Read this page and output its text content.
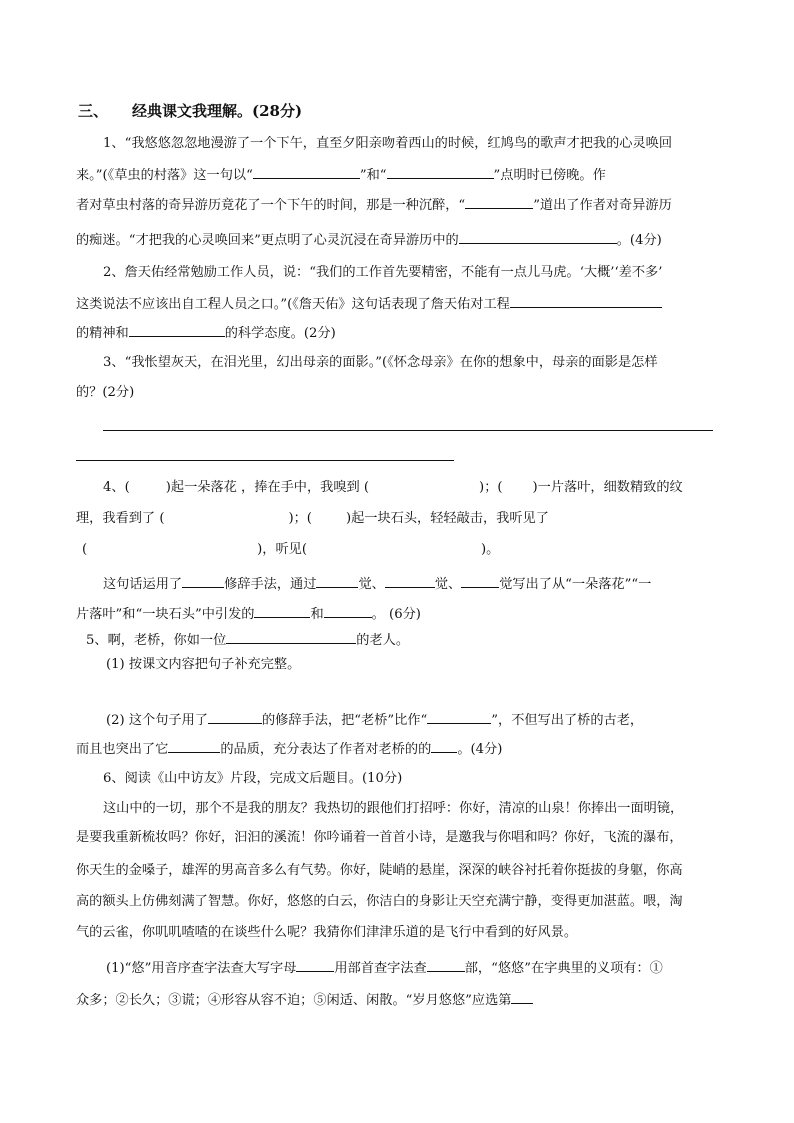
三、 经典课文我理解。(28分)
1、“我悠悠忽忽地漫游了一个下午，直至夕阳亲吻着西山的时候，红鸠鸟的歌声才把我的心灵唤回
来。”(《草虫的村落》这一句以“	”和“	”点明时已傍晚。作
者对草虫村落的奇异游历竟花了一个下午的时间，那是一种沉醉，“	”道出了作者对奇异游历
的痴迷。“才把我的心灵唤回来”更点明了心灵沉浸在奇异游历中的	。(4分)
2、詹天佑经常勉励工作人员，说：“我们的工作首先要精密，不能有一点儿马虎。‘大概’‘差不多’
这类说法不应该出自工程人员之口。”(《詹天佑》这句话表现了詹天佑对工程
的精神和	的科学态度。(2分)
3、“我怅望灰天，在泪光里，幻出母亲的面影。”(《怀念母亲》在你的想象中，母亲的面影是怎样
的？(2分)
4、(	)起一朵落花 ，捧在手中，我嗅到 (	)；( )一片落叶，细数精致的纹
理，我看到了 (	)；(	)起一块石头，轻轻敲击，我听见了
(	)，听见(	)。
这句话运用了	修辞手法，通过	觉、	觉、	觉写出了从“一朵落花”“一
片落叶”和“一块石头”中引发的	和	。 (6分)
5、啊，老桥，你如一位	的老人。
(1) 按课文内容把句子补充完整。
(2) 这个句子用了	的修辞手法，把“老桥”比作“	”，不但写出了桥的古老，
而且也突出了它	的品质，充分表达了作者对老桥的的 。(4分)
6、阅读《山中访友》片段，完成文后题目。(10分)
这山中的一切，那个不是我的朋友？我热切的跟他们打招呼：你好，清凉的山泉！你捧出一面明镜，
是要我重新梳妆吗？你好，汩汩的溪流！你吟诵着一首首小诗，是邀我与你唱和吗？你好，飞流的瀑布，
你天生的金嗓子，雄浑的男高音多么有气势。你好，陡峭的悬崖，深深的峡谷衬托着你挺拔的身躯，你高
高的额头上仿佛刻满了智慧。你好，悠悠的白云，你洁白的身影让天空充满宁静，变得更加湛蓝。喂，淘
气的云雀，你叽叽喳喳的在谈些什么呢？我猜你们津津乐道的是飞行中看到的好风景。
(1)“悠”用音序查字法查大写字母	用部首查字法查	部，“悠悠”在字典里的义项有：①
众多；②长久；③谎；④形容从容不迫；⑤闲适、闲散。“岁月悠悠”应选第
